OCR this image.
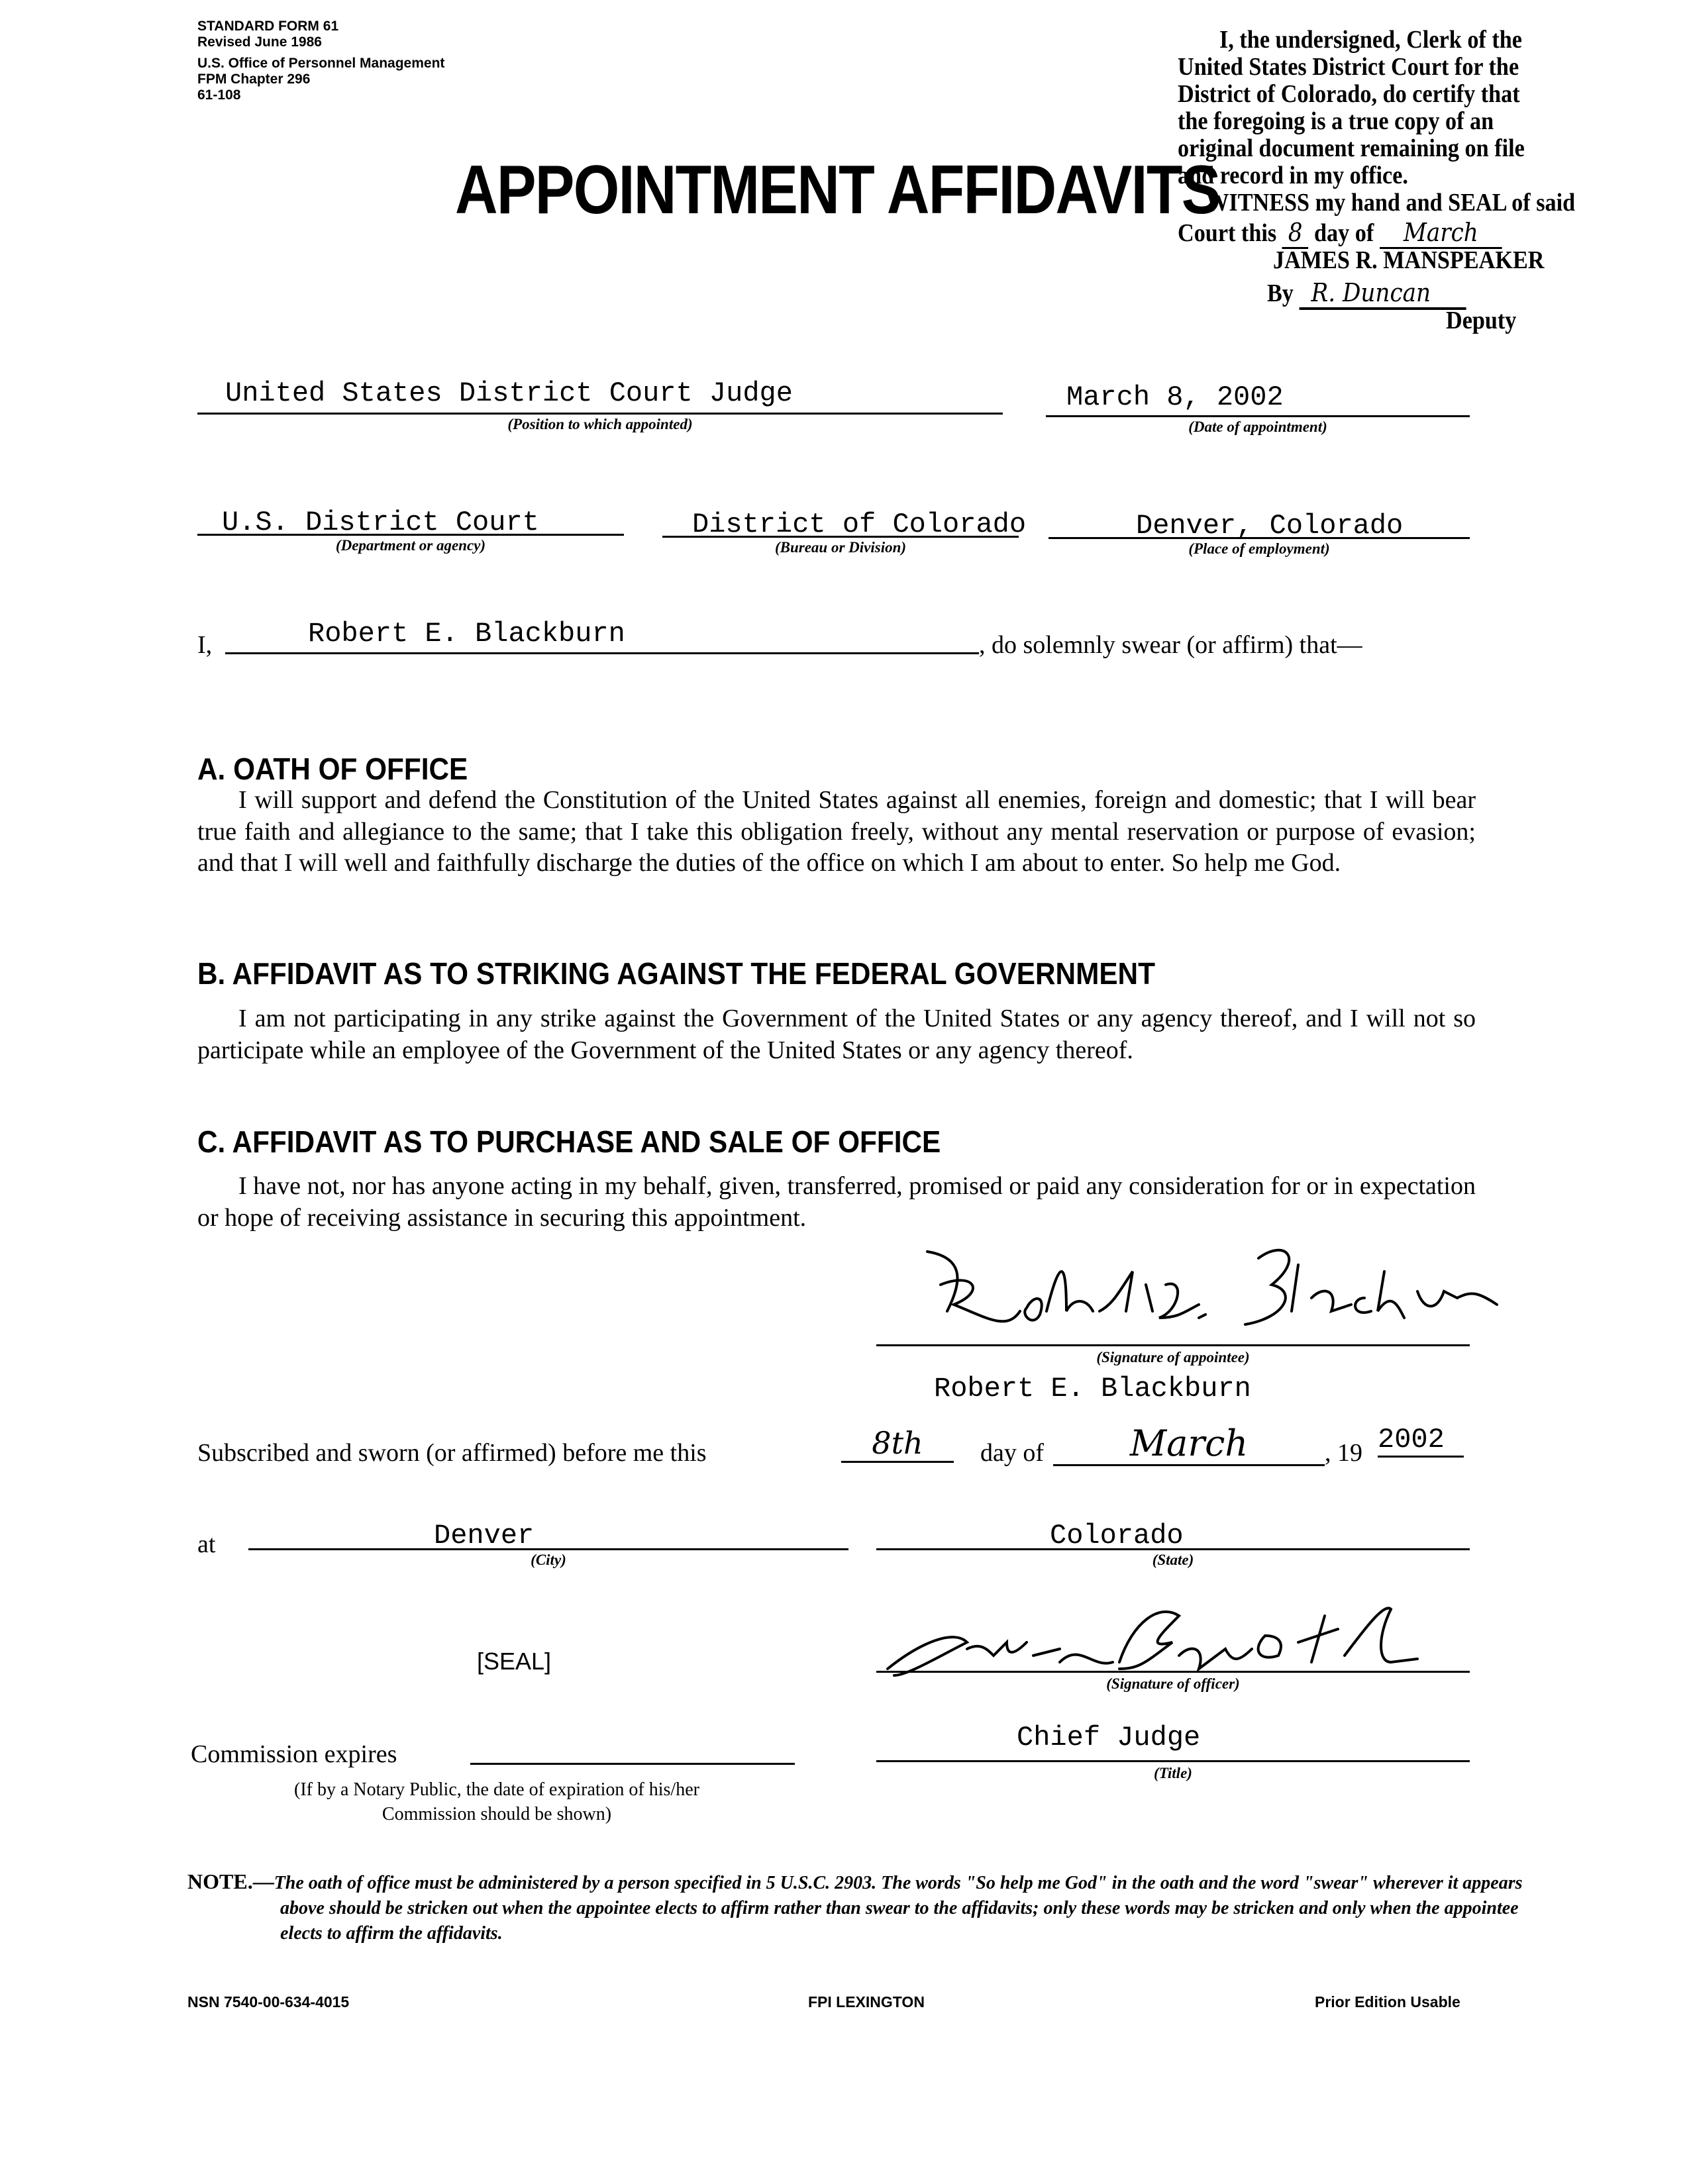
STANDARD FORM 61
Revised June 1986
U.S. Office of Personnel Management
FPM Chapter 296
61-108
APPOINTMENT AFFIDAVITS
I, the undersigned, Clerk of the
United States District Court for the
District of Colorado, do certify that
the foregoing is a true copy of an
original document remaining on file
and record in my office.
WITNESS my hand and SEAL of said
Court this 8 day of March
JAMES R. MANSPEAKER
By R. Duncan
Deputy
United States District Court Judge
(Position to which appointed)
March 8, 2002
(Date of appointment)
U.S. District Court
(Department or agency)
District of Colorado
(Bureau or Division)
Denver, Colorado
(Place of employment)
I,	Robert E. Blackburn	, do solemnly swear (or affirm) that—
A. OATH OF OFFICE
I will support and defend the Constitution of the United States against all enemies, foreign and domestic; that I will bear true faith and allegiance to the same; that I take this obligation freely, without any mental reservation or purpose of evasion; and that I will well and faithfully discharge the duties of the office on which I am about to enter. So help me God.
B. AFFIDAVIT AS TO STRIKING AGAINST THE FEDERAL GOVERNMENT
I am not participating in any strike against the Government of the United States or any agency thereof, and I will not so participate while an employee of the Government of the United States or any agency thereof.
C. AFFIDAVIT AS TO PURCHASE AND SALE OF OFFICE
I have not, nor has anyone acting in my behalf, given, transferred, promised or paid any consideration for or in expectation or hope of receiving assistance in securing this appointment.
(Signature of appointee)
Robert E. Blackburn
Subscribed and sworn (or affirmed) before me this	8th	day of	March	, 19 2002
at	Denver
(City)
Colorado
(State)
[SEAL]
(Signature of officer)
Commission expires
(If by a Notary Public, the date of expiration of his/her
Commission should be shown)
Chief Judge
(Title)
NOTE.—The oath of office must be administered by a person specified in 5 U.S.C. 2903. The words "So help me God" in the oath and the word "swear" wherever it appears above should be stricken out when the appointee elects to affirm rather than swear to the affidavits; only these words may be stricken and only when the appointee elects to affirm the affidavits.
NSN 7540-00-634-4015	FPI LEXINGTON	Prior Edition Usable
